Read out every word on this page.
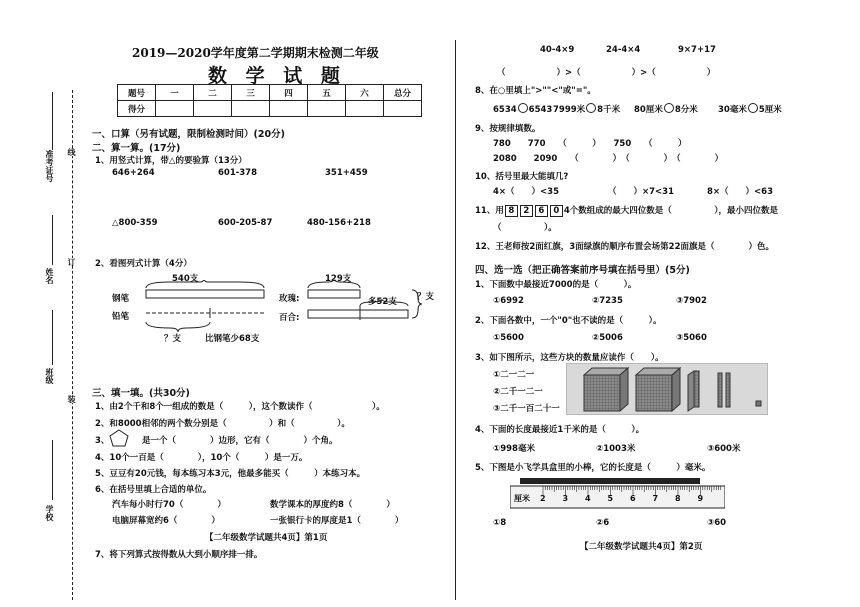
准考证号
姓名
班级
学校
线
订
装
2019—2020学年度第二学期期末检测二年级
数 学 试 题
题号	一	二	三	四	五	六	总分
得分							
一、口算（另有试题，限制检测时间）(20分)
二、算一算。(17分)
1、用竖式计算，带△的要验算（13分）
646+264	601-378	351+459
△800-359	600-205-87	480-156+218
2、看图列式计算（4分）
540支
钢笔
铅笔
？支	比钢笔少68支
129支
玫瑰:
百合:
多52支 ？支
三、填一填。(共30分)
1、由2个千和8个一组成的数是（　　　），这个数读作（　　　　　　　）。
2、和8000相邻的两个数分别是（　　　　　）和（　　　　　）。
3、	是一个（　　　　）边形，它有（　　　　）个角。
4、10个一百是（　　　　），10个（　　　）是一万。
5、豆豆有20元钱，每本练习本3元，他最多能买（　　　）本练习本。
6、在括号里填上合适的单位。
汽车每小时行70（　　　　）	数学课本的厚度约8（　　　　）
电脑屏幕宽约6（　　　　）	一张银行卡的厚度是1（　　　　）
【二年级数学试题共4页】第1页
7、将下列算式按得数从大到小顺序排一排。
40-4×9	24-4×4	9×7+17
（　　　　　　）>（　　　　　　）>（　　　　　　）
8、在○里填上">""<"或"="。
6534 6543 7999米 8千米 80厘米 8分米 30毫米 5厘米
9、按规律填数。
780　　770　　（　　　）　　750　　（　　　）
2080　　2090　　（　　　　）　（　　　　）　（　　　　）
10、括号里最大能填几?
4×（　　）<35	（　　）×7<31	8×（　　）<63
11、用 8 2 6 0 4个数组成的最大四位数是（　　　　　），最小四位数是
（　　　　　）。
12、王老师按2面红旗，3面绿旗的顺序布置会场第22面旗是（　　　　）色。
四、选一选（把正确答案前序号填在括号里）(5分)
1、下面数中最接近7000的是（　　　）。
①6992	②7235	③7902
2、下面各数中，一个"0"也不读的是（　　　）。
①5600	②5006	③5060
3、如下图所示，这些方块的数量应读作（　　）。
①二一二一
②二千一二一
③二千一百二十一
4、下面的长度最接近1千米的是（　　　）。
①998毫米	②1003米	③600米
5、下图是小飞学具盒里的小棒，它的长度是（　　　）毫米。
厘米 2 3 4 5 6 7 8 9
①8	②6	③60
【二年级数学试题共4页】第2页
